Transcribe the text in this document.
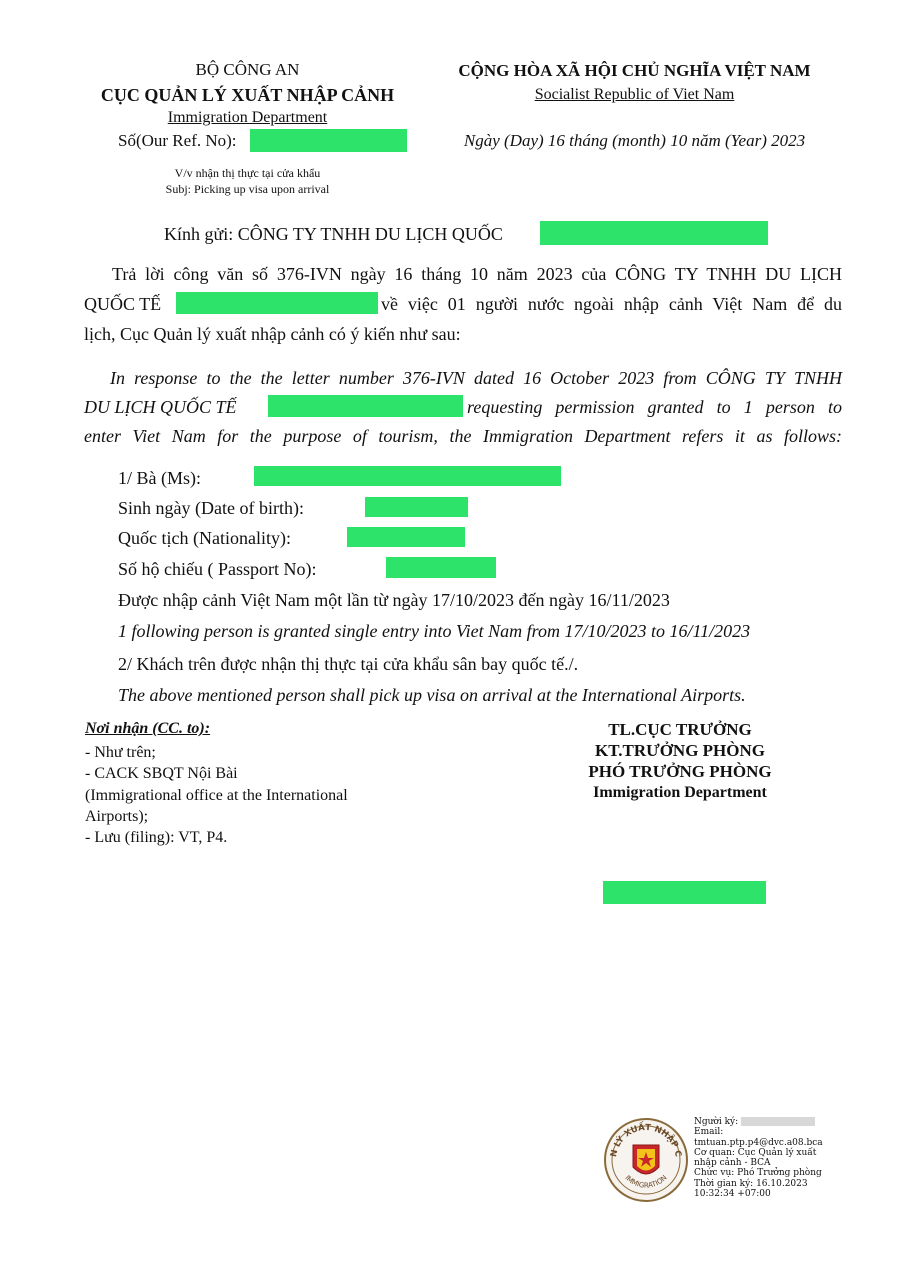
BỘ CÔNG AN
CỤC QUẢN LÝ XUẤT NHẬP CẢNH
Immigration Department
Số(Our Ref. No):
V/v nhận thị thực tại cửa khẩu
Subj: Picking up visa upon arrival
CỘNG HÒA XÃ HỘI CHỦ NGHĨA VIỆT NAM
Socialist Republic of Viet Nam
Ngày (Day) 16 tháng (month) 10 năm (Year) 2023
Kính gửi: CÔNG TY TNHH DU LỊCH QUỐC
Trả lời công văn số 376-IVN ngày 16 tháng 10 năm 2023 của CÔNG TY TNHH DU LỊCH
QUỐC TẾ	về việc 01 người nước ngoài nhập cảnh Việt Nam để du
lịch, Cục Quản lý xuất nhập cảnh có ý kiến như sau:
In response to the the letter number 376-IVN dated 16 October 2023 from CÔNG TY TNHH
DU LỊCH QUỐC TẾ	requesting permission granted to 1 person to
enter Viet Nam for the purpose of tourism, the Immigration Department refers it as follows:
1/ Bà (Ms):
Sinh ngày (Date of birth):
Quốc tịch (Nationality):
Số hộ chiếu ( Passport No):
Được nhập cảnh Việt Nam một lần từ ngày 17/10/2023 đến ngày 16/11/2023
1 following person is granted single entry into Viet Nam from 17/10/2023 to 16/11/2023
2/ Khách trên được nhận thị thực tại cửa khẩu sân bay quốc tế./.
The above mentioned person shall pick up visa on arrival at the International Airports.
Nơi nhận (CC. to):
- Như trên;
- CACK SBQT Nội Bài
(Immigrational office at the International
Airports);
- Lưu (filing): VT, P4.
TL.CỤC TRƯỞNG
KT.TRƯỞNG PHÒNG
PHÓ TRƯỞNG PHÒNG
Immigration Department
N LÝ XUẤT NHẬP C
IMMIGRATION
Người ký:
Email:
tmtuan.ptp.p4@dvc.a08.bca
Cơ quan: Cục Quản lý xuất
nhập cảnh - BCA
Chức vụ: Phó Trưởng phòng
Thời gian ký: 16.10.2023
10:32:34 +07:00
